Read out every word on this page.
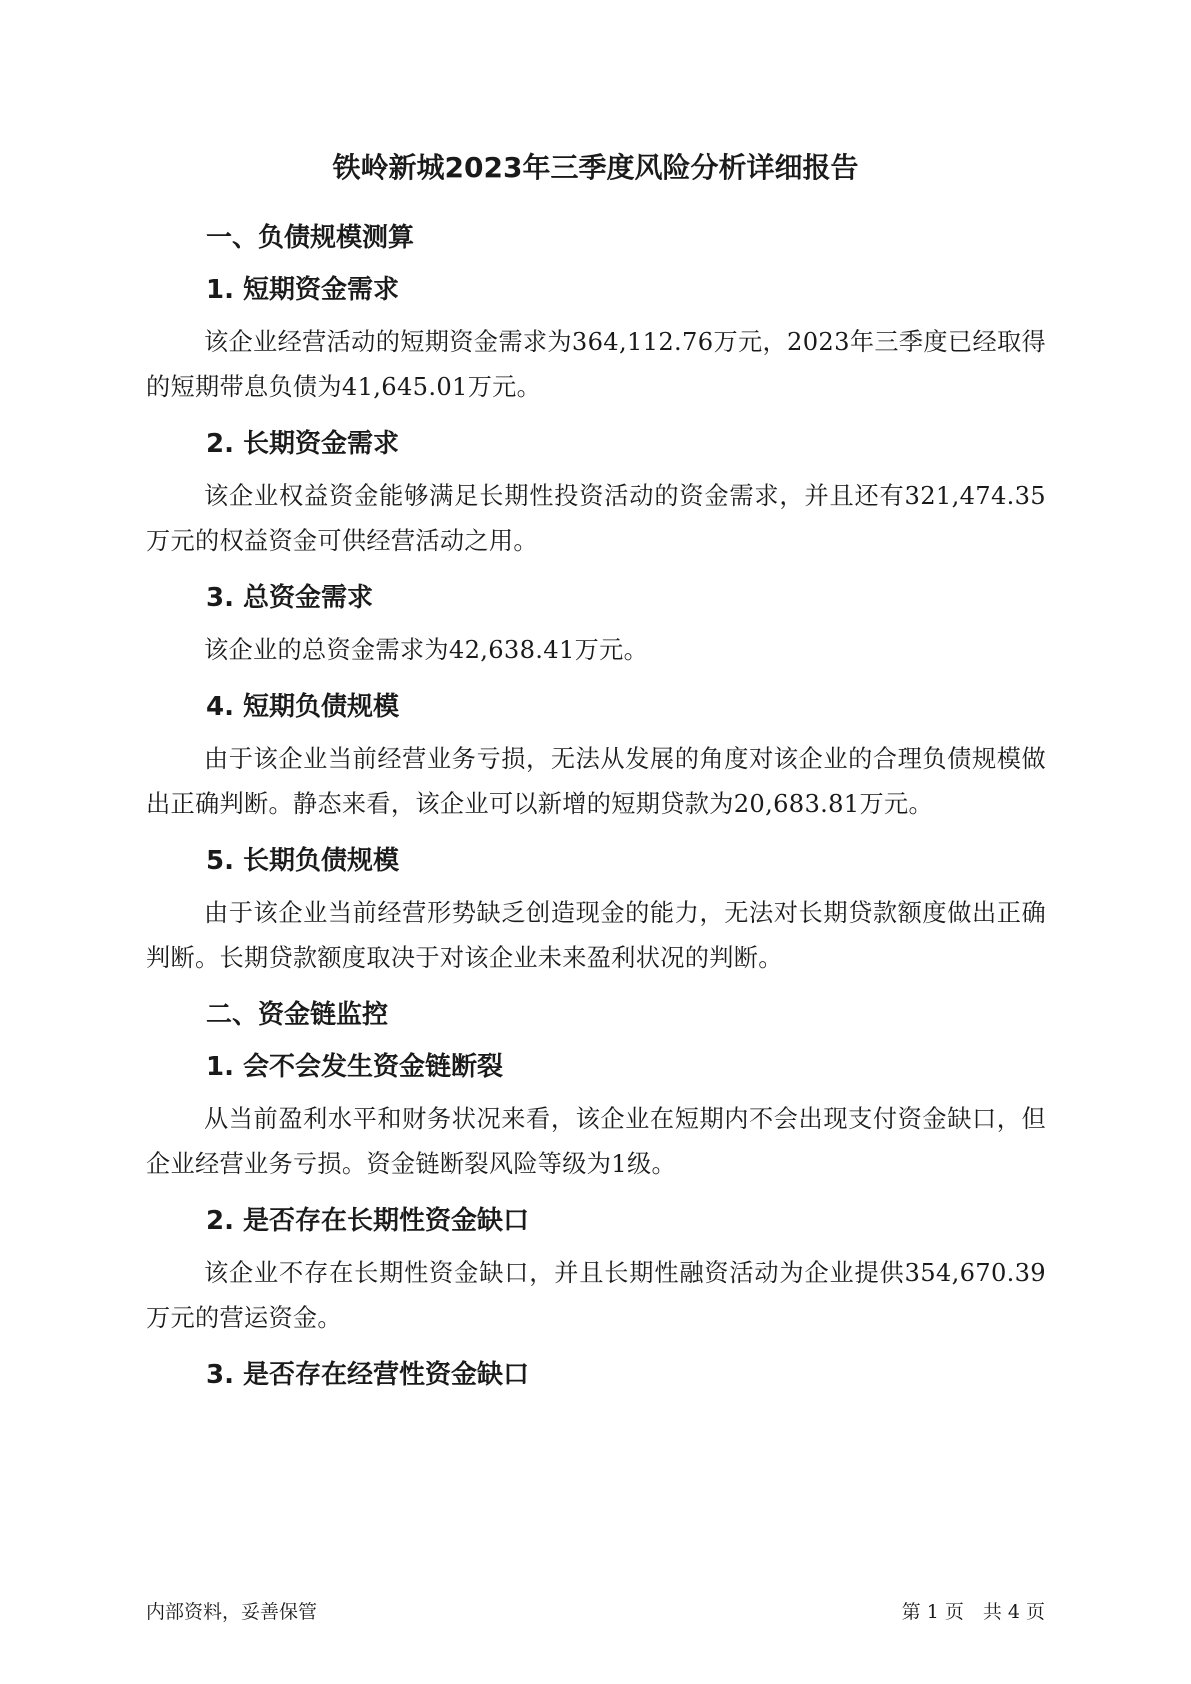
铁岭新城2023年三季度风险分析详细报告
一、负债规模测算
1. 短期资金需求

该企业经营活动的短期资金需求为364,112.76万元，2023年三季度已经取得的短期带息负债为41,645.01万元。

2. 长期资金需求

该企业权益资金能够满足长期性投资活动的资金需求，并且还有321,474.35万元的权益资金可供经营活动之用。

3. 总资金需求

该企业的总资金需求为42,638.41万元。

4. 短期负债规模

由于该企业当前经营业务亏损，无法从发展的角度对该企业的合理负债规模做出正确判断。静态来看，该企业可以新增的短期贷款为20,683.81万元。

5. 长期负债规模

由于该企业当前经营形势缺乏创造现金的能力，无法对长期贷款额度做出正确判断。长期贷款额度取决于对该企业未来盈利状况的判断。

二、资金链监控
1. 会不会发生资金链断裂

从当前盈利水平和财务状况来看，该企业在短期内不会出现支付资金缺口，但企业经营业务亏损。资金链断裂风险等级为1级。

2. 是否存在长期性资金缺口

该企业不存在长期性资金缺口，并且长期性融资活动为企业提供354,670.39万元的营运资金。

3. 是否存在经营性资金缺口
内部资料，妥善保管	第 1 页　共 4 页
